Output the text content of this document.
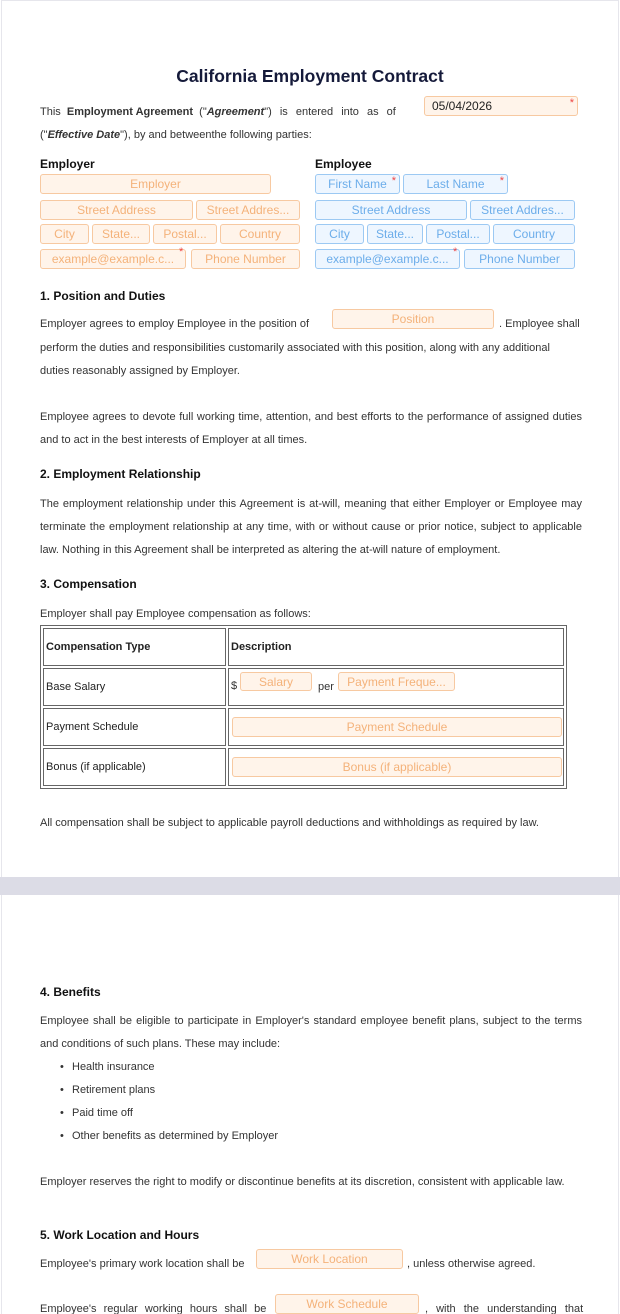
California Employment Contract
This Employment Agreement ("Agreement") is entered into as of	05/04/2026	*
("Effective Date"), by and betweenthe following parties:
Employer	Employee
Employer
Street Address	Street Addres...
City	State...	Postal...	Country
example@example.c... *	Phone Number
First Name *	Last Name *
Street Address	Street Addres...
City	State...	Postal...	Country
example@example.c... *	Phone Number
1. Position and Duties
Employer agrees to employ Employee in the position of	Position	. Employee shall
perform the duties and responsibilities customarily associated with this position, along with any additional
duties reasonably assigned by Employer.
Employee agrees to devote full working time, attention, and best efforts to the performance of assigned duties and to act in the best interests of Employer at all times.
2. Employment Relationship
The employment relationship under this Agreement is at-will, meaning that either Employer or Employee may terminate the employment relationship at any time, with or without cause or prior notice, subject to applicable law. Nothing in this Agreement shall be interpreted as altering the at-will nature of employment.
3. Compensation
Employer shall pay Employee compensation as follows:
Compensation Type	Description
Base Salary	$ Salary per Payment Freque...

Payment Schedule	Payment Schedule

Bonus (if applicable)	Bonus (if applicable)
All compensation shall be subject to applicable payroll deductions and withholdings as required by law.
4. Benefits
Employee shall be eligible to participate in Employer's standard employee benefit plans, subject to the terms and conditions of such plans. These may include:
• Health insurance
• Retirement plans
• Paid time off
• Other benefits as determined by Employer
Employer reserves the right to modify or discontinue benefits at its discretion, consistent with applicable law.
5. Work Location and Hours
Employee's primary work location shall be	Work Location	, unless otherwise agreed.
Employee's regular working hours shall be	Work Schedule	, with the understanding that
